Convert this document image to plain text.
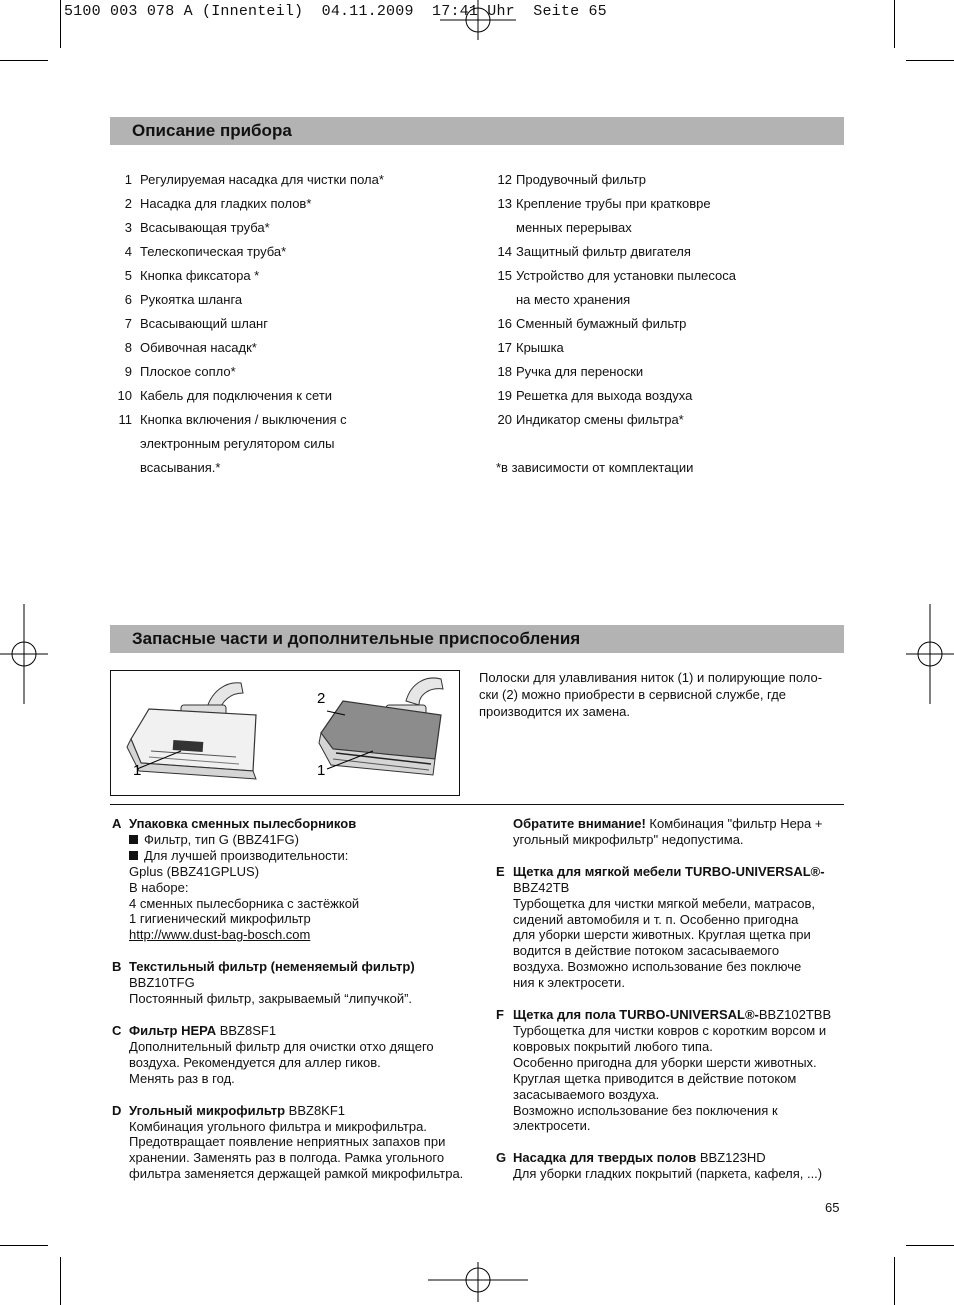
5100 003 078 A (Innenteil)  04.11.2009  17:41 Uhr  Seite 65
Описание прибора
1 Регулируемая насадка для чистки пола*
2 Насадка для гладких полов*
3 Всасывающая труба*
4 Телескопическая труба*
5 Кнопка фиксатора *
6 Рукоятка шланга
7 Всасывающий шланг
8 Обивочная насадк*
9 Плоское сопло*
10 Кабель для подключения к сети
11 Кнопка включения / выключения с
электронным регулятором силы
всасывания.*
12 Продувочный фильтр
13 Крепление трубы при кратковре
менных перерывах
14 Защитный фильтр двигателя
15 Устройство для установки пылесоса
на место хранения
16 Сменный бумажный фильтр
17 Крышка
18 Ручка для переноски
19 Решетка для выхода воздуха
20 Индикатор смены фильтра*
*в зависимости от комплектации
Запасные части и дополнительные приспособления
1
2
1
Полоски для улавливания ниток (1) и полирующие поло-
ски (2) можно приобрести в сервисной службе, где
производится их замена.
A Упаковка сменных пылесборников
Фильтр, тип G (BBZ41FG)
Для лучшей производительности:
Gplus (BBZ41GPLUS)
В наборе:
4 сменных пылесборника с застёжкой
1 гигиенический микрофильтр
http://www.dust-bag-bosch.com
B Текстильный фильтр (неменяемый фильтр)
BBZ10TFG
Постоянный фильтр, закрываемый “липучкой”.
C Фильтр НЕРА BBZ8SF1
Дополнительный фильтр для очистки отхо дящего
воздуха. Рекомендуется для аллер гиков.
Менять раз в год.
D Угольный микрофильтр BBZ8KF1
Комбинация угольного фильтра и микрофильтра.
Предотвращает появление неприятных запахов при
хранении. Заменять раз в полгода. Рамка угольного
фильтра заменяется держащей рамкой микрофильтра.
Обратите внимание! Комбинация "фильтр Нера +
угольный микрофильтр" недопустима.
E Щетка для мягкой мебели TURBO-UNIVERSAL®-
BBZ42TB
Турбощетка для чистки мягкой мебели, матрасов,
сидений автомобиля и т. п. Особенно пригодна
для уборки шерсти животных. Круглая щетка при
водится в действие потоком засасываемого
воздуха. Возможно использование без поключе
ния к электросети.
F Щетка для пола TURBO-UNIVERSAL®-BBZ102TBB
Турбощетка для чистки ковров с коротким ворсом и
ковровых покрытий любого типа.
Особенно пригодна для уборки шерсти животных.
Круглая щетка приводится в действие потоком
засасываемого воздуха.
Возможно использование без поключения к
электросети.
G Насадка для твердых полов BBZ123HD
Для уборки гладких покрытий (паркета, кафеля, ...)
65
